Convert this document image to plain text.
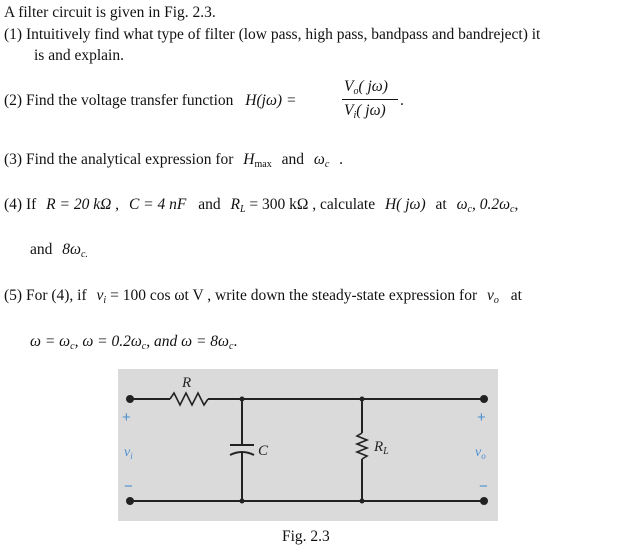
A filter circuit is given in Fig. 2.3.
(1) Intuitively find what type of filter (low pass, high pass, bandpass and bandreject) it
is and explain.
(2) Find the voltage transfer function H(jω) =
$V_o$( jω)
$V_i$( jω)
.
(3) Find the analytical expression for $H_{max}$ and $\omega_c$ .
(4) If R = 20 kΩ , C = 4 nF and $R_L = 300$ kΩ , calculate H( jω) at $\omega_c$, $0.2\omega_c$,
and $8\omega_{c.}$
(5) For (4), if $v_i = 100$ cos ωt V , write down the steady-state expression for $v_o$ at
$\omega = \omega_c$, $\omega = 0.2\omega_c$, and $\omega = 8\omega_c$.
R
C	$R_L$
+
$v_i$
−
+
$v_o$
−
Fig. 2.3
